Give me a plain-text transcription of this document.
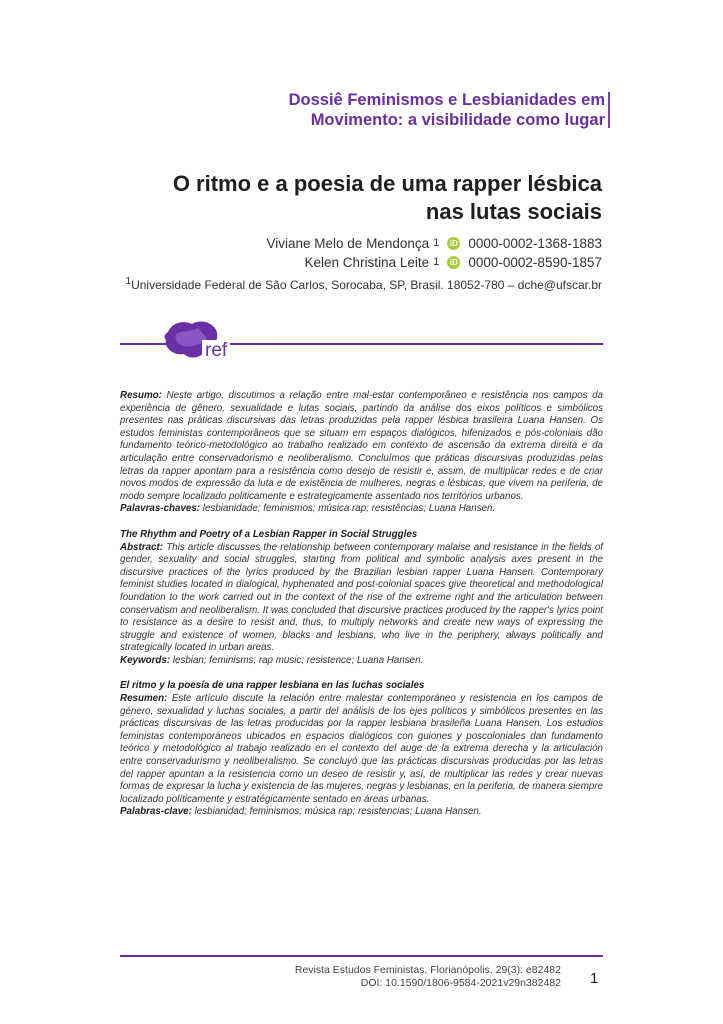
Dossiê Feminismos e Lesbianidades em
Movimento: a visibilidade como lugar
O ritmo e a poesia de uma rapper lésbica
nas lutas sociais
Viviane Melo de Mendonça 1	iD 0000-0002-1368-1883
Kelen Christina Leite 1	iD 0000-0002-8590-1857
$^1$Universidade Federal de São Carlos, Sorocaba, SP, Brasil. 18052-780 – dche@ufscar.br
ref

Resumo: Neste artigo, discutimos a relação entre mal-estar contemporâneo e resistência nos campos da experiência de gênero, sexualidade e lutas sociais, partindo da análise dos eixos políticos e simbólicos presentes nas práticas discursivas das letras produzidas pela rapper lésbica brasileira Luana Hansen. Os estudos feministas contemporâneos que se situam em espaços dialógicos, hifenizados e pós-coloniais dão fundamento teórico-metodológico ao trabalho realizado em contexto de ascensão da extrema direita e da articulação entre conservadorismo e neoliberalismo. Concluímos que práticas discursivas produzidas pelas letras da rapper apontam para a resistência como desejo de resistir e, assim, de multiplicar redes e de criar novos modos de expressão da luta e de existência de mulheres, negras e lésbicas, que vivem na periferia, de modo sempre localizado politicamente e estrategicamente assentado nos territórios urbanos.

Palavras-chaves: lesbianidade; feminismos; música rap; resistências; Luana Hansen.

The Rhythm and Poetry of a Lesbian Rapper in Social Struggles

Abstract: This article discusses the relationship between contemporary malaise and resistance in the fields of gender, sexuality and social struggles, starting from political and symbolic analysis axes present in the discursive practices of the lyrics produced by the Brazilian lesbian rapper Luana Hansen. Contemporary feminist studies located in dialogical, hyphenated and post-colonial spaces give theoretical and methodological foundation to the work carried out in the context of the rise of the extreme right and the articulation between conservatism and neoliberalism. It was concluded that discursive practices produced by the rapper's lyrics point to resistance as a desire to resist and, thus, to multiply networks and create new ways of expressing the struggle and existence of women, blacks and lesbians, who live in the periphery, always politically and strategically located in urban areas.

Keywords: lesbian; feminisms; rap music; resistence; Luana Hansen.

El ritmo y la poesía de una rapper lesbiana en las luchas sociales

Resumen: Este artículo discute la relación entre malestar contemporáneo y resistencia en los campos de género, sexualidad y luchas sociales, a partir del análisis de los ejes políticos y simbólicos presentes en las prácticas discursivas de las letras producidas por la rapper lesbiana brasileña Luana Hansen. Los estudios feministas contemporáneos ubicados en espacios dialógicos con guiones y poscoloniales dan fundamento teórico y metodológico al trabajo realizado en el contexto del auge de la extrema derecha y la articulación entre conservadurismo y neoliberalismo. Se concluyó que las prácticas discursivas producidas por las letras del rapper apuntan a la resistencia como un deseo de resistir y, así, de multiplicar las redes y crear nuevas formas de expresar la lucha y existencia de las mujeres, negras y lesbianas, en la periferia, de manera siempre localizado políticamente y estratégicamente sentado en áreas urbanas.

Palabras-clave: lesbianidad; feminismos; música rap; resistencias; Luana Hansen.

Revista Estudos Feministas, Florianópolis, 29(3): e82482
DOI: 10.1590/1806-9584-2021v29n382482 1
